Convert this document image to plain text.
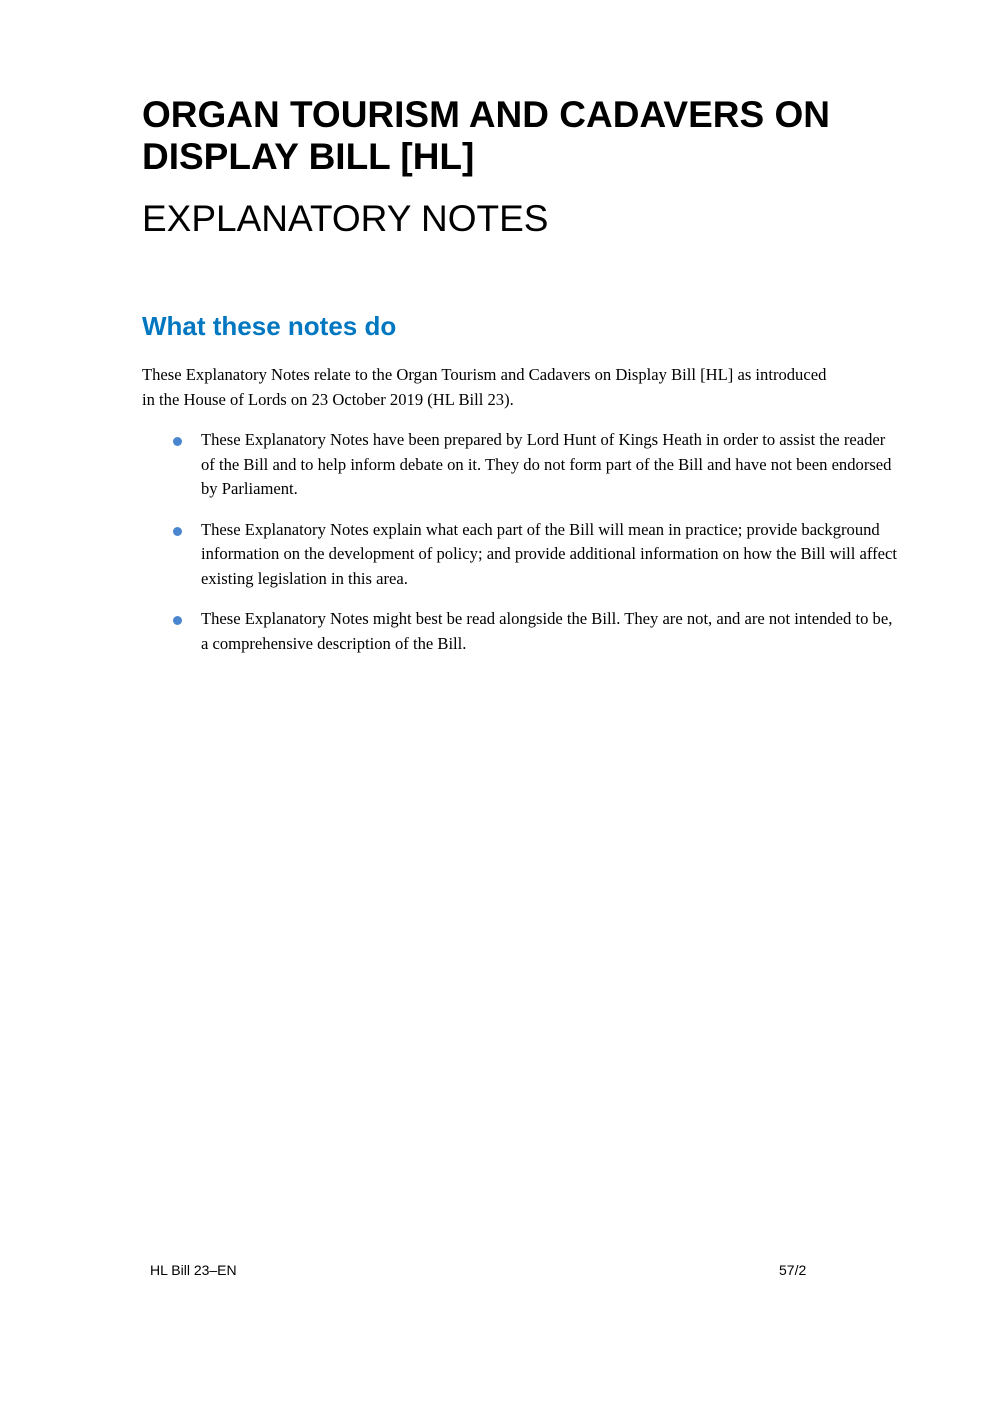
ORGAN TOURISM AND CADAVERS ON DISPLAY BILL [HL]
EXPLANATORY NOTES
What these notes do

These Explanatory Notes relate to the Organ Tourism and Cadavers on Display Bill [HL] as introduced in the House of Lords on 23 October 2019 (HL Bill 23).

These Explanatory Notes have been prepared by Lord Hunt of Kings Heath in order to assist the reader of the Bill and to help inform debate on it. They do not form part of the Bill and have not been endorsed by Parliament.
These Explanatory Notes explain what each part of the Bill will mean in practice; provide background information on the development of policy; and provide additional information on how the Bill will affect existing legislation in this area.
These Explanatory Notes might best be read alongside the Bill. They are not, and are not intended to be, a comprehensive description of the Bill.
HL Bill 23–EN	57/2
